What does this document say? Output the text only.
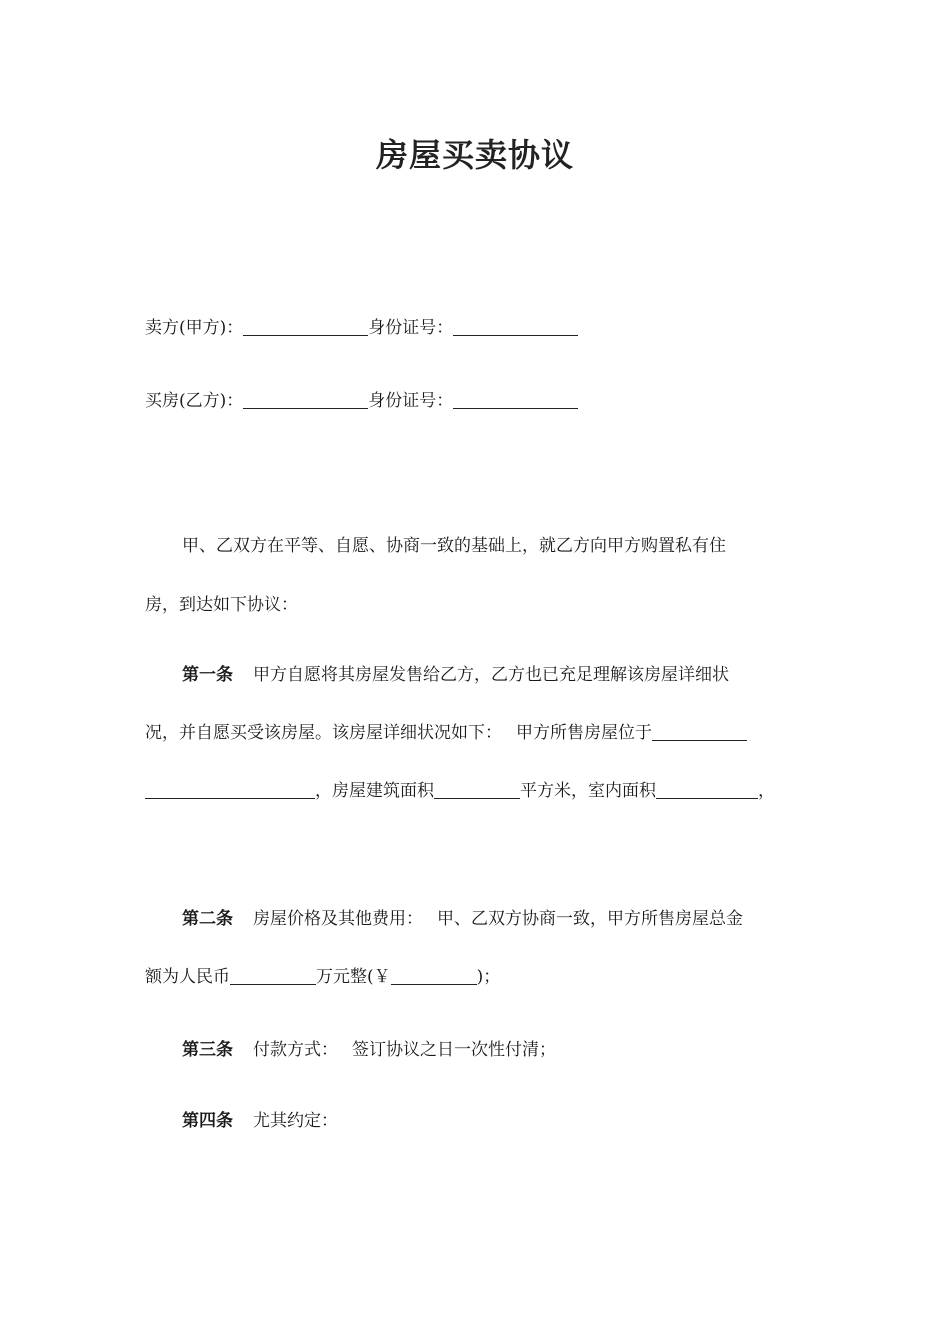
房屋买卖协议
卖方(甲方)：	身份证号：
买房(乙方)：	身份证号：
甲、乙双方在平等、自愿、协商一致的基础上，就乙方向甲方购置私有住
房，到达如下协议：
第一条 甲方自愿将其房屋发售给乙方，乙方也已充足理解该房屋详细状
况，并自愿买受该房屋。该房屋详细状况如下： 甲方所售房屋位于
，房屋建筑面积	平方米，室内面积	，
第二条 房屋价格及其他费用： 甲、乙双方协商一致，甲方所售房屋总金
额为人民币	万元整(￥	)；
第三条 付款方式： 签订协议之日一次性付清；
第四条 尤其约定：
